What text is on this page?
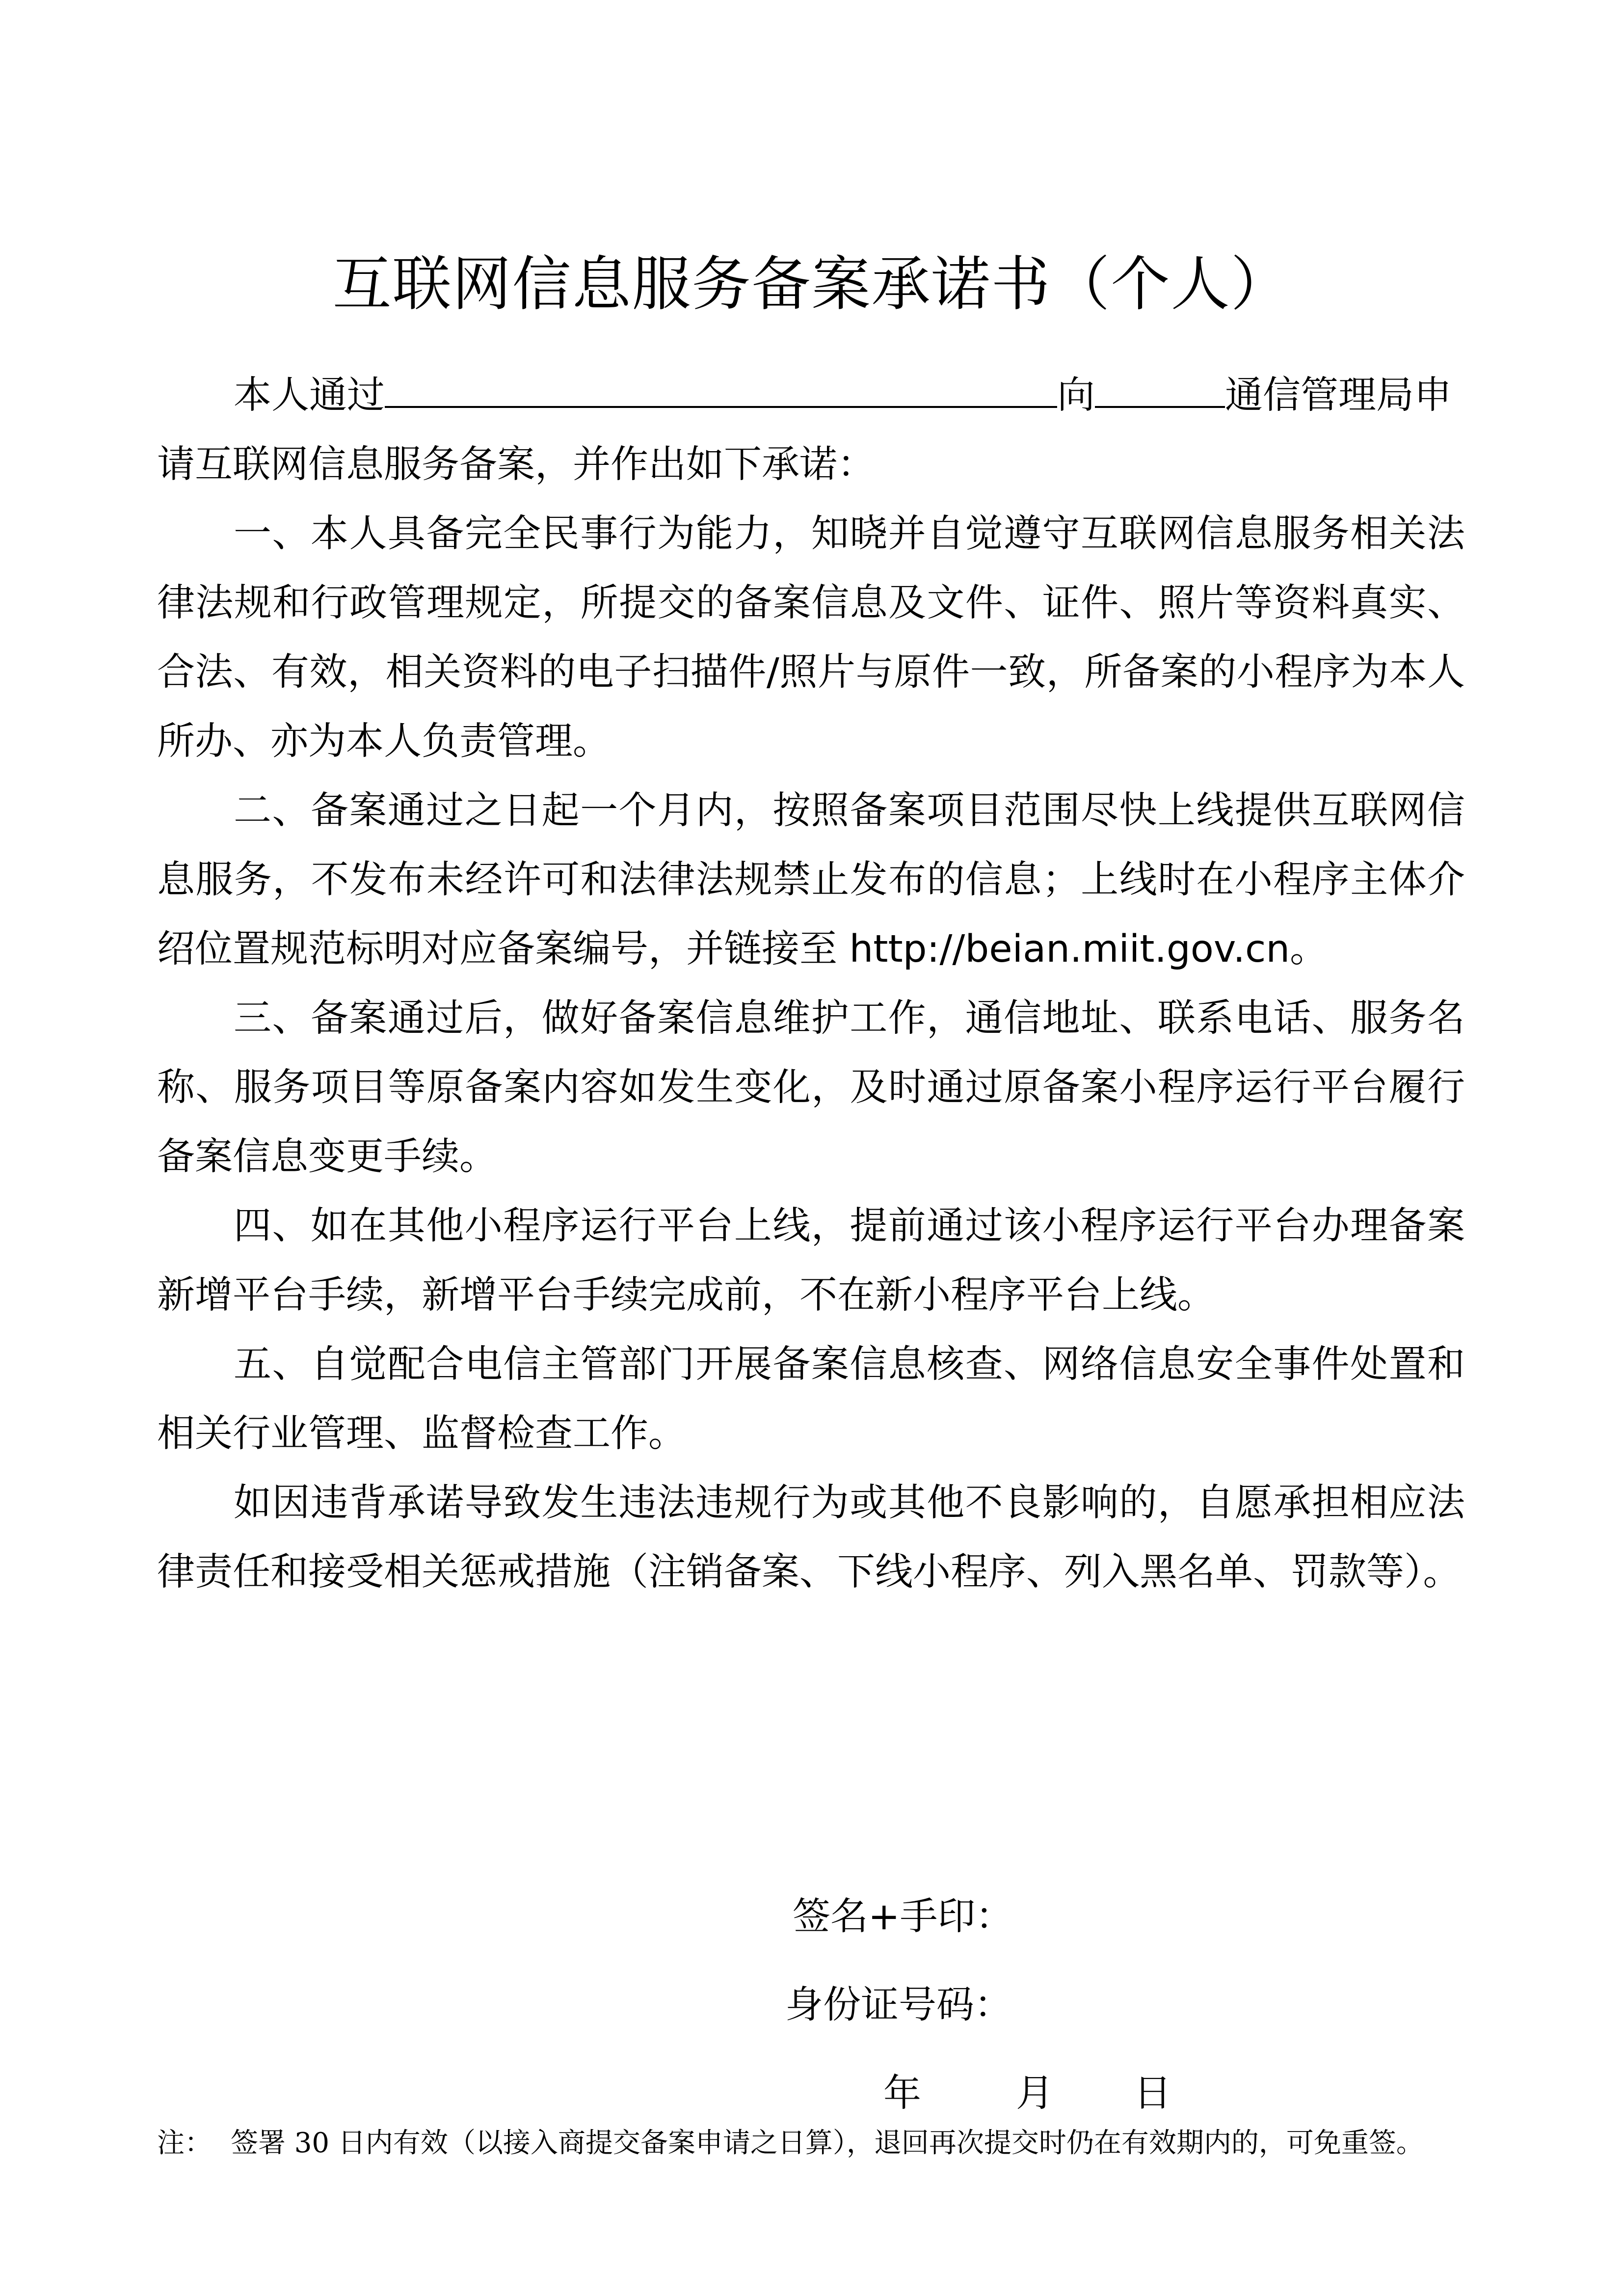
互联网信息服务备案承诺书（个人）
本人通过	向	通信管理局申

请互联网信息服务备案，并作出如下承诺：

一、本人具备完全民事行为能力，知晓并自觉遵守互联网信息服务相关法律法规和行政管理规定，所提交的备案信息及文件、证件、照片等资料真实、合法、有效，相关资料的电子扫描件/照片与原件一致，所备案的小程序为本人所办、亦为本人负责管理。

二、备案通过之日起一个月内，按照备案项目范围尽快上线提供互联网信息服务，不发布未经许可和法律法规禁止发布的信息；上线时在小程序主体介绍位置规范标明对应备案编号，并链接至 http://beian.miit.gov.cn。

三、备案通过后，做好备案信息维护工作，通信地址、联系电话、服务名称、服务项目等原备案内容如发生变化，及时通过原备案小程序运行平台履行备案信息变更手续。

四、如在其他小程序运行平台上线，提前通过该小程序运行平台办理备案新增平台手续，新增平台手续完成前，不在新小程序平台上线。

五、自觉配合电信主管部门开展备案信息核查、网络信息安全事件处置和相关行业管理、监督检查工作。

如因违背承诺导致发生违法违规行为或其他不良影响的，自愿承担相应法律责任和接受相关惩戒措施（注销备案、下线小程序、列入黑名单、罚款等）。

签名+手印：
身份证号码：
年	月 日
注： 签署 30 日内有效（以接入商提交备案申请之日算），退回再次提交时仍在有效期内的，可免重签。
